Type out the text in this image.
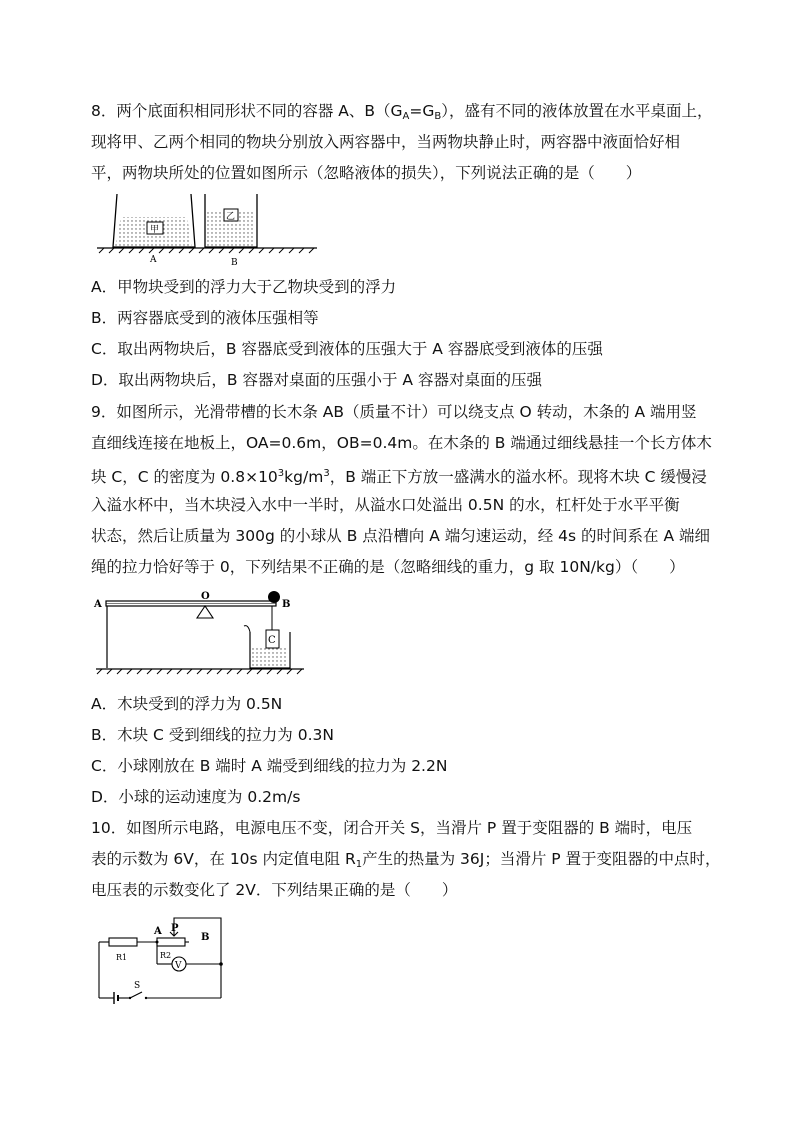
8．两个底面积相同形状不同的容器 A、$B(G_A=G_B)$，盛有不同的液体放置在水平桌面上，
现将甲、乙两个相同的物块分别放入两容器中，当两物块静止时，两容器中液面恰好相
平，两物块所处的位置如图所示（忽略液体的损失），下列说法正确的是（　　）
甲
乙
A	B
A．甲物块受到的浮力大于乙物块受到的浮力
B．两容器底受到的液体压强相等
C．取出两物块后，B 容器底受到液体的压强大于 A 容器底受到液体的压强
D．取出两物块后，B 容器对桌面的压强小于 A 容器对桌面的压强
9．如图所示，光滑带槽的长木条 AB（质量不计）可以绕支点 O 转动，木条的 A 端用竖
直细线连接在地板上，OA=0.6m，OB=0.4m。在木条的 B 端通过细线悬挂一个长方体木
块 C，C 的密度为 $0.8\times 10^3kg/m^3$，B 端正下方放一盛满水的溢水杯。现将木块 C 缓慢浸
入溢水杯中，当木块浸入水中一半时，从溢水口处溢出 0.5N 的水，杠杆处于水平平衡
状态，然后让质量为 300g 的小球从 B 点沿槽向 A 端匀速运动，经 4s 的时间系在 A 端细
绳的拉力恰好等于 0，下列结果不正确的是（忽略细线的重力，g 取 10N/kg）（　　）
C
A
O
B
A．木块受到的浮力为 0.5N
B．木块 C 受到细线的拉力为 0.3N
C．小球刚放在 B 端时 A 端受到细线的拉力为 2.2N
D．小球的运动速度为 0.2m/s
10．如图所示电路，电源电压不变，闭合开关 S，当滑片 P 置于变阻器的 B 端时，电压
表的示数为 6V，在 10s 内定值电阻 $R_1$产生的热量为 36J；当滑片 P 置于变阻器的中点时，
电压表的示数变化了 2V．下列结果正确的是（　　）
A P
B
R1	R2
V
S
